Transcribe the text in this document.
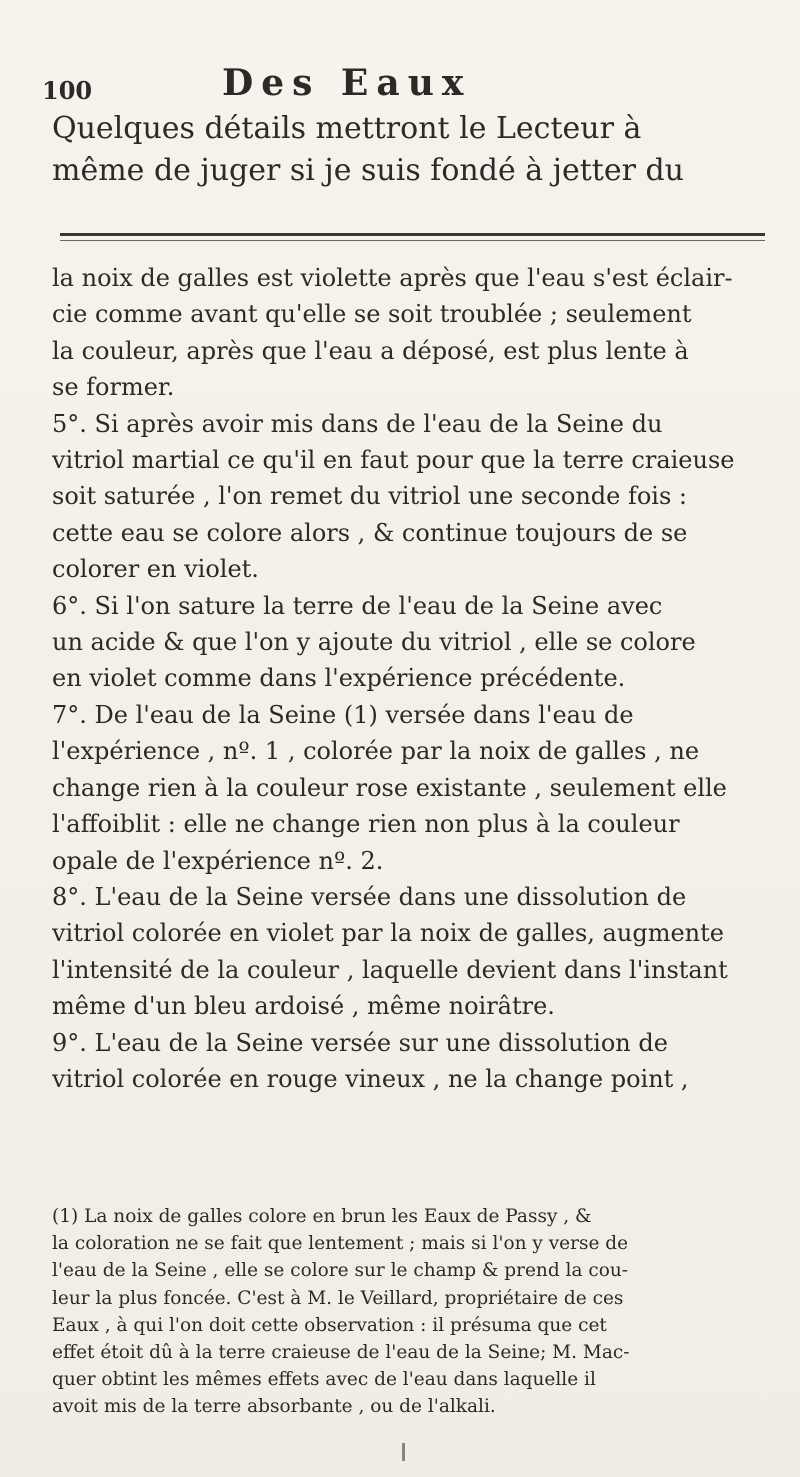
100	Des Eaux

Quelques détails mettront le Lecteur à

même de juger si je suis fondé à jetter du

la noix de galles est violette après que l'eau s'est éclair-

cie comme avant qu'elle se soit troublée ; seulement

la couleur, après que l'eau a déposé, est plus lente à

se former.

5°. Si après avoir mis dans de l'eau de la Seine du

vitriol martial ce qu'il en faut pour que la terre craieuse

soit saturée , l'on remet du vitriol une seconde fois :

cette eau se colore alors , & continue toujours de se

colorer en violet.

6°. Si l'on sature la terre de l'eau de la Seine avec

un acide & que l'on y ajoute du vitriol , elle se colore

en violet comme dans l'expérience précédente.

7°. De l'eau de la Seine (1) versée dans l'eau de

l'expérience , nº. 1 , colorée par la noix de galles , ne

change rien à la couleur rose existante , seulement elle

l'affoiblit : elle ne change rien non plus à la couleur

opale de l'expérience nº. 2.

8°. L'eau de la Seine versée dans une dissolution de

vitriol colorée en violet par la noix de galles, augmente

l'intensité de la couleur , laquelle devient dans l'instant

même d'un bleu ardoisé , même noirâtre.

9°. L'eau de la Seine versée sur une dissolution de

vitriol colorée en rouge vineux , ne la change point ,

(1) La noix de galles colore en brun les Eaux de Passy , &

la coloration ne se fait que lentement ; mais si l'on y verse de

l'eau de la Seine , elle se colore sur le champ & prend la cou-

leur la plus foncée. C'est à M. le Veillard, propriétaire de ces

Eaux , à qui l'on doit cette observation : il présuma que cet

effet étoit dû à la terre craieuse de l'eau de la Seine; M. Mac-

quer obtint les mêmes effets avec de l'eau dans laquelle il

avoit mis de la terre absorbante , ou de l'alkali.
